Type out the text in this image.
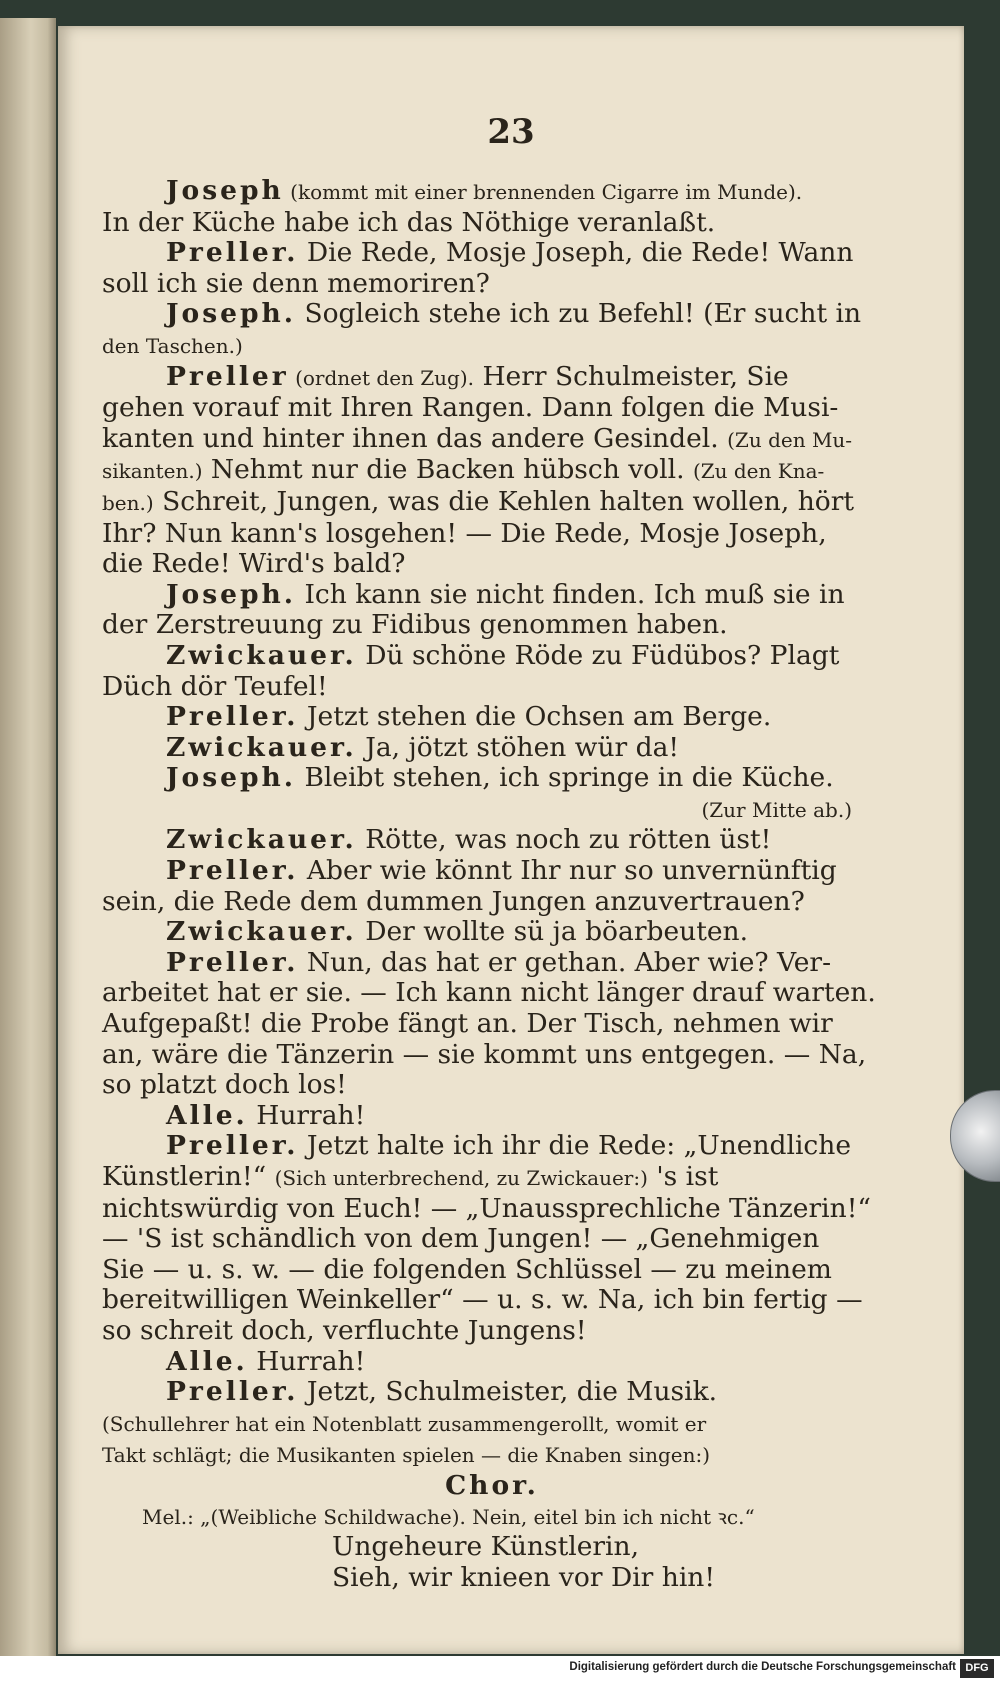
23
Joseph (kommt mit einer brennenden Cigarre im Munde).
In der Küche habe ich das Nöthige veranlaßt.
Preller. Die Rede, Mosje Joseph, die Rede! Wann
soll ich sie denn memoriren?
Joseph. Sogleich stehe ich zu Befehl! (Er sucht in
den Taschen.)
Preller (ordnet den Zug). Herr Schulmeister, Sie
gehen vorauf mit Ihren Rangen. Dann folgen die Musi-
kanten und hinter ihnen das andere Gesindel. (Zu den Mu-
sikanten.) Nehmt nur die Backen hübsch voll. (Zu den Kna-
ben.) Schreit, Jungen, was die Kehlen halten wollen, hört
Ihr? Nun kann's losgehen! — Die Rede, Mosje Joseph,
die Rede! Wird's bald?
Joseph. Ich kann sie nicht finden. Ich muß sie in
der Zerstreuung zu Fidibus genommen haben.
Zwickauer. Dü schöne Röde zu Füdübos? Plagt
Düch dör Teufel!
Preller. Jetzt stehen die Ochsen am Berge.
Zwickauer. Ja, jötzt stöhen wür da!
Joseph. Bleibt stehen, ich springe in die Küche.
(Zur Mitte ab.)
Zwickauer. Rötte, was noch zu rötten üst!
Preller. Aber wie könnt Ihr nur so unvernünftig
sein, die Rede dem dummen Jungen anzuvertrauen?
Zwickauer. Der wollte sü ja böarbeuten.
Preller. Nun, das hat er gethan. Aber wie? Ver-
arbeitet hat er sie. — Ich kann nicht länger drauf warten.
Aufgepaßt! die Probe fängt an. Der Tisch, nehmen wir
an, wäre die Tänzerin — sie kommt uns entgegen. — Na,
so platzt doch los!
Alle. Hurrah!
Preller. Jetzt halte ich ihr die Rede: „Unendliche
Künstlerin!“ (Sich unterbrechend, zu Zwickauer:) 's ist
nichtswürdig von Euch! — „Unaussprechliche Tänzerin!“
— 'S ist schändlich von dem Jungen! — „Genehmigen
Sie — u. s. w. — die folgenden Schlüssel — zu meinem
bereitwilligen Weinkeller“ — u. s. w. Na, ich bin fertig —
so schreit doch, verfluchte Jungens!
Alle. Hurrah!
Preller. Jetzt, Schulmeister, die Musik.
(Schullehrer hat ein Notenblatt zusammengerollt, womit er
Takt schlägt; die Musikanten spielen — die Knaben singen:)
Chor.
Mel.: „(Weibliche Schildwache). Nein, eitel bin ich nicht ꝛc.“
Ungeheure Künstlerin,
Sieh, wir knieen vor Dir hin!
Digitalisierung gefördert durch die Deutsche Forschungsgemeinschaft DFG
